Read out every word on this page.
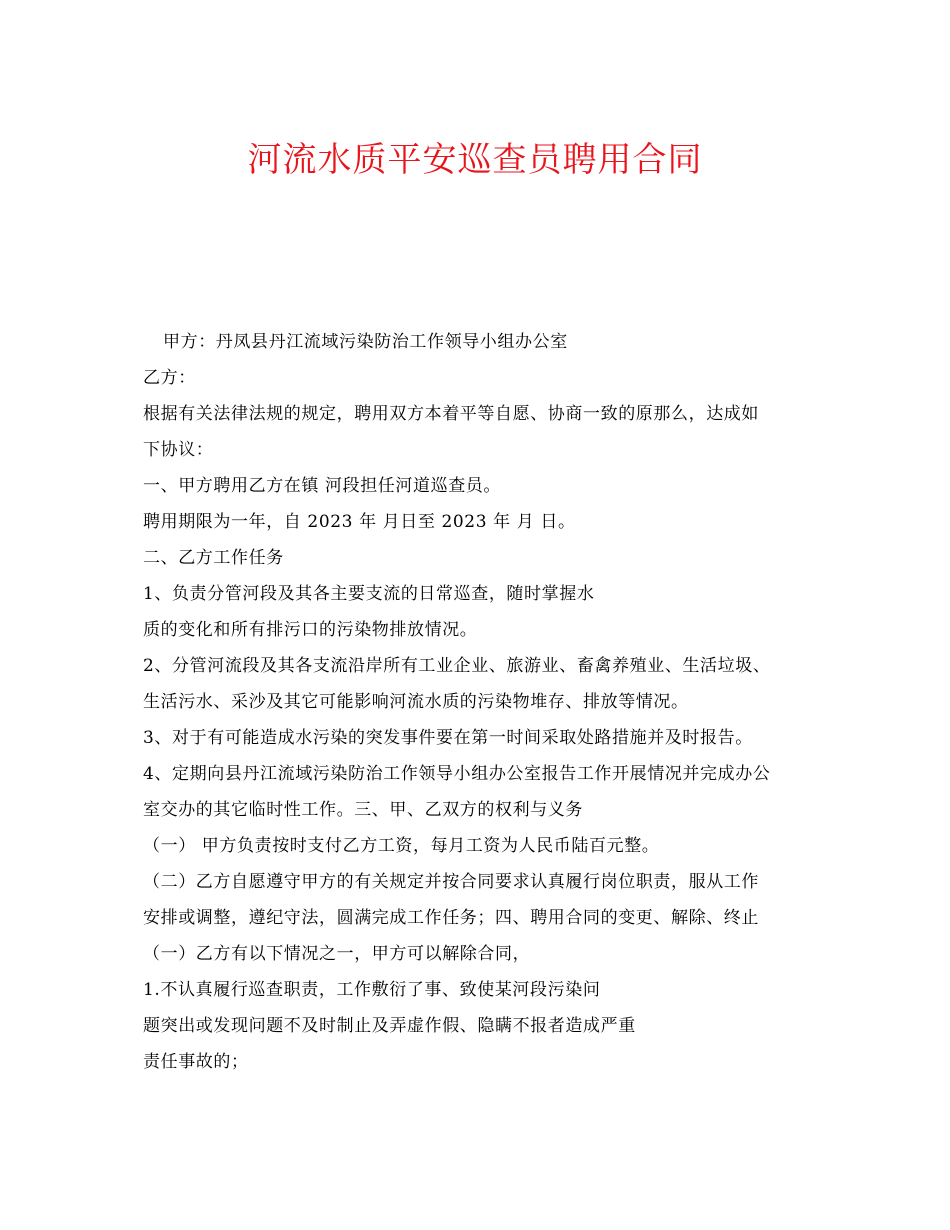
河流水质平安巡查员聘用合同
甲方：丹凤县丹江流域污染防治工作领导小组办公室
乙方：
根据有关法律法规的规定，聘用双方本着平等自愿、协商一致的原那么，达成如
下协议：
一、甲方聘用乙方在镇 河段担任河道巡查员。
聘用期限为一年，自 2023 年 月日至 2023 年 月 日。
二、乙方工作任务
1、负责分管河段及其各主要支流的日常巡查，随时掌握水
质的变化和所有排污口的污染物排放情况。
2、分管河流段及其各支流沿岸所有工业企业、旅游业、畜禽养殖业、生活垃圾、
生活污水、采沙及其它可能影响河流水质的污染物堆存、排放等情况。
3、对于有可能造成水污染的突发事件要在第一时间采取处路措施并及时报告。
4、定期向县丹江流域污染防治工作领导小组办公室报告工作开展情况并完成办公
室交办的其它临时性工作。三、甲、乙双方的权利与义务
（一） 甲方负责按时支付乙方工资，每月工资为人民币陆百元整。
（二）乙方自愿遵守甲方的有关规定并按合同要求认真履行岗位职责，服从工作
安排或调整，遵纪守法，圆满完成工作任务；四、聘用合同的变更、解除、终止
（一）乙方有以下情况之一，甲方可以解除合同，
1.不认真履行巡查职责，工作敷衍了事、致使某河段污染问
题突出或发现问题不及时制止及弄虚作假、隐瞒不报者造成严重
责任事故的；
